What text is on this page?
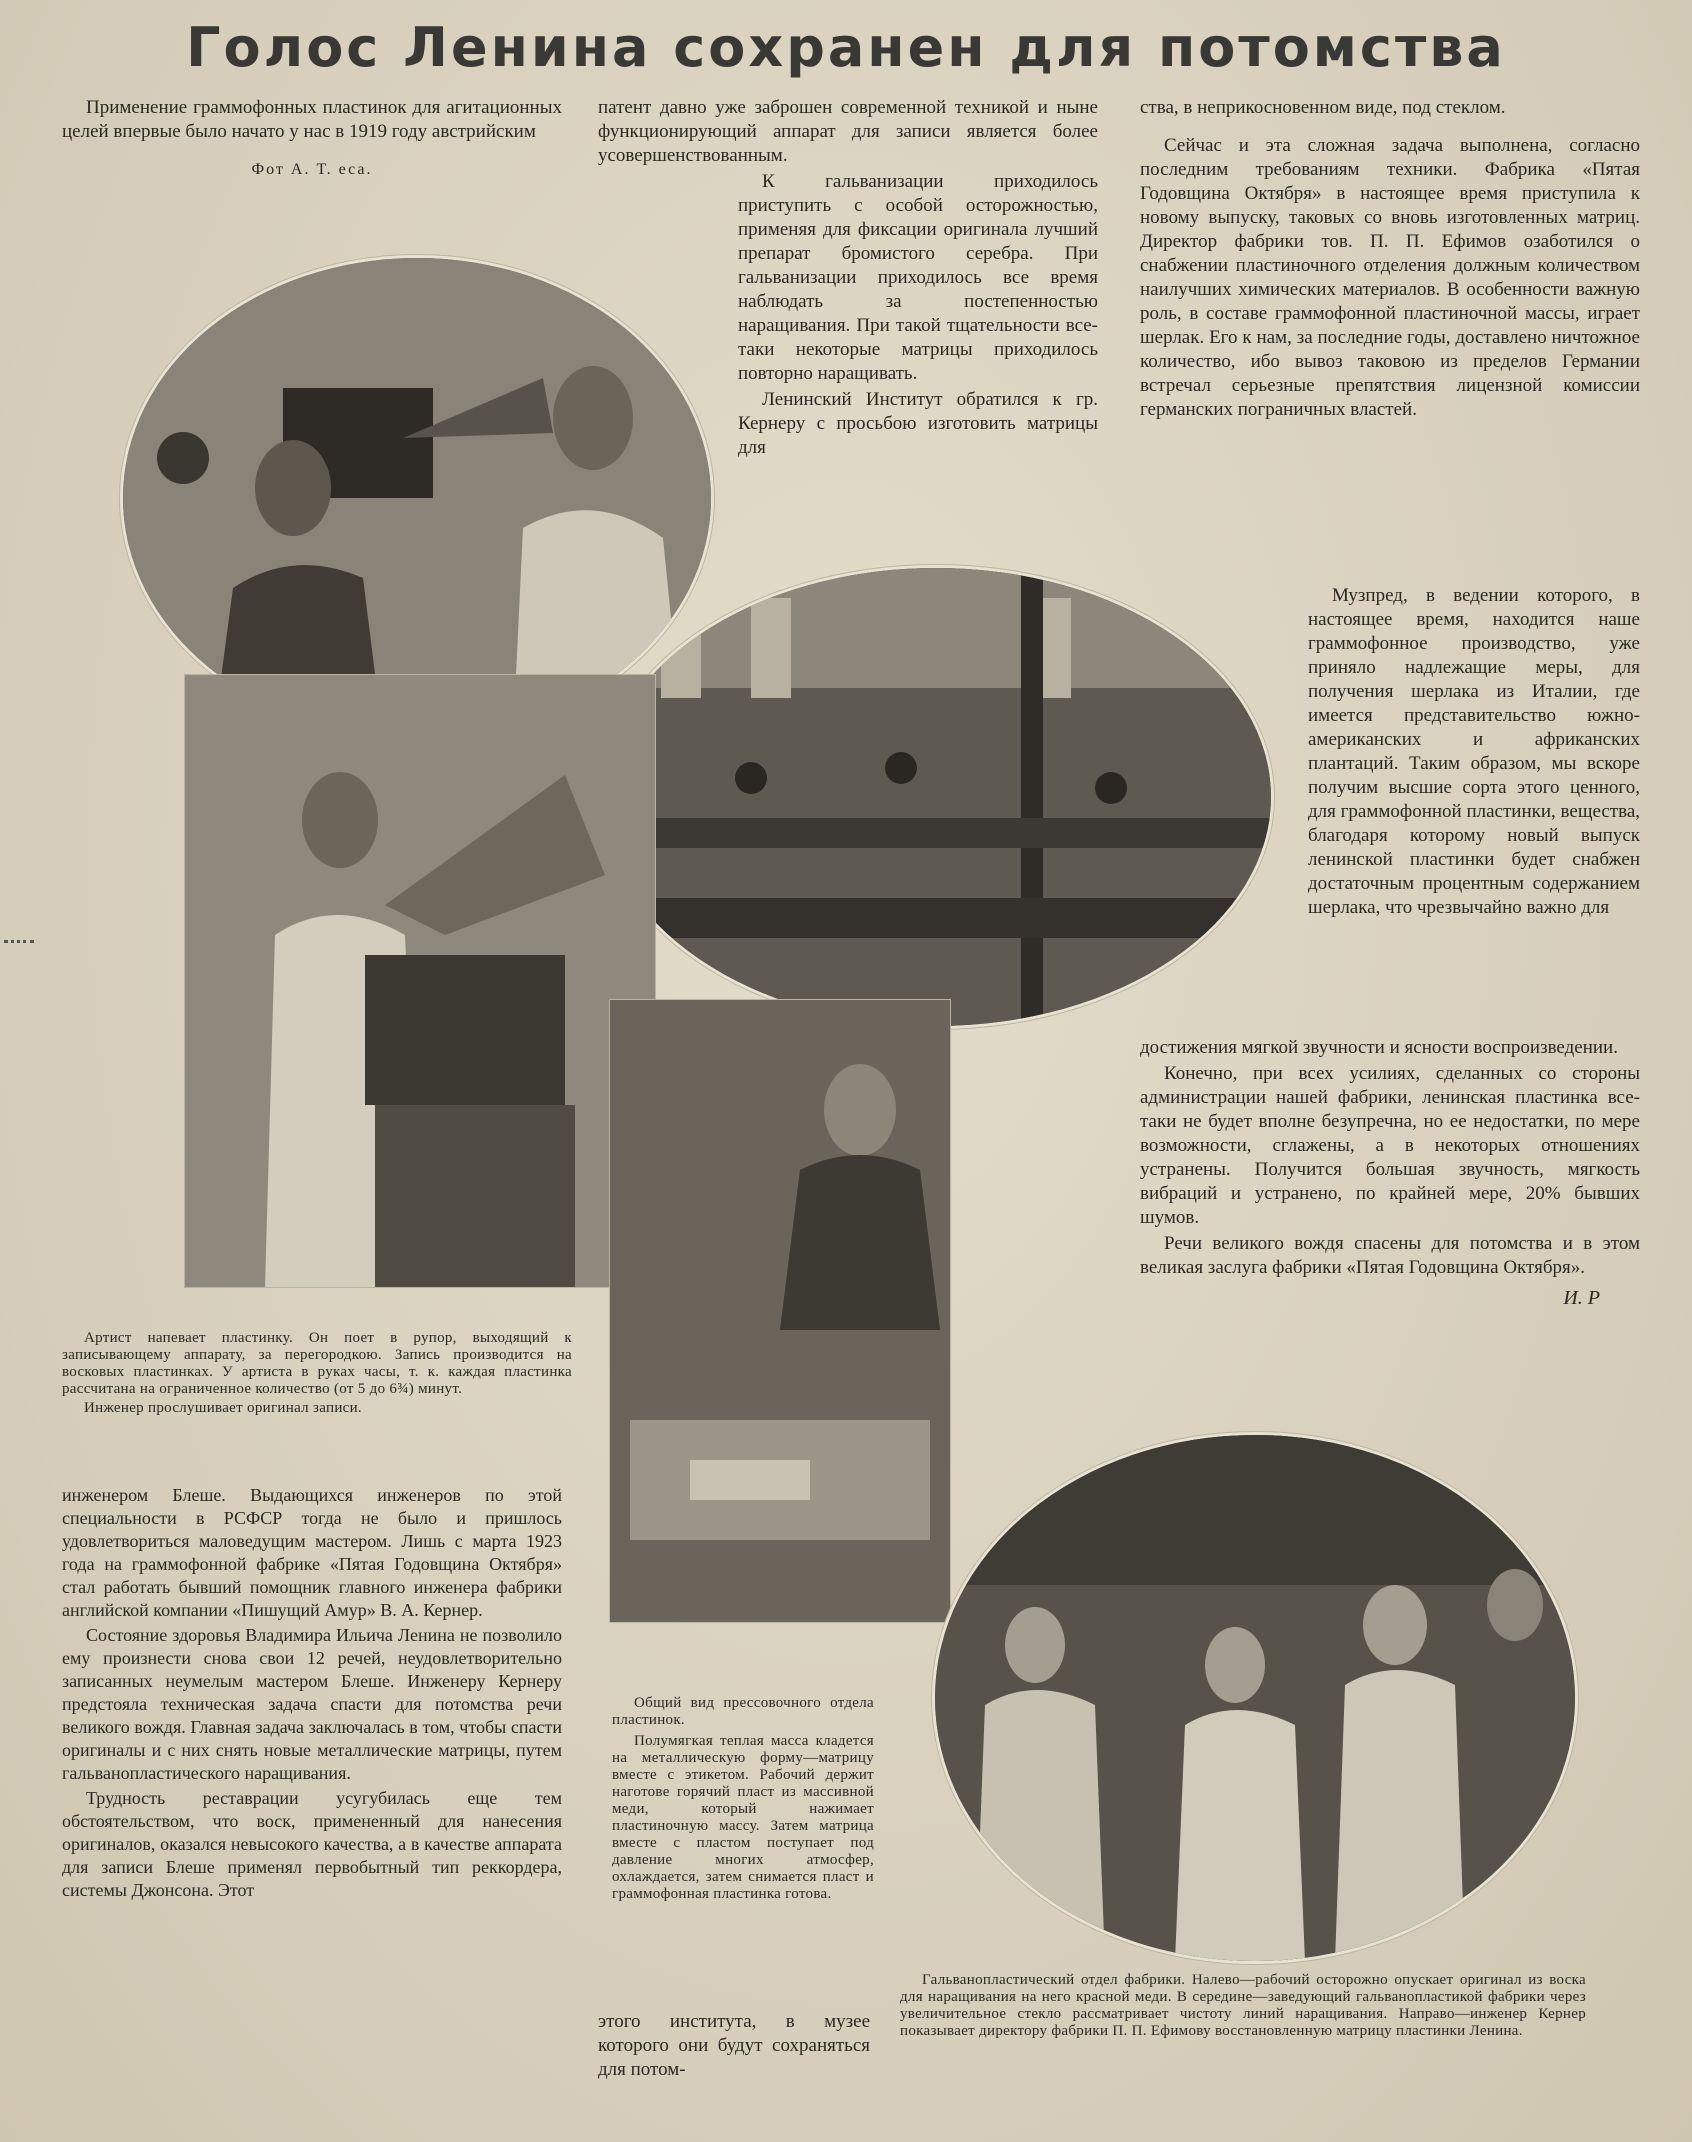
Голос Ленина сохранен для потомства

Применение граммофонных пластинок для агитационных целей впервые было начато у нас в 1919 году австрийским

Фот А. Т. еса.

патент давно уже заброшен современной техникой и ныне функционирующий аппарат для записи является более усовершенствованным.

К гальванизации приходилось приступить с особой осторожностью, применяя для фиксации оригинала лучший препарат бромистого серебра. При гальванизации приходилось все время наблюдать за постепенностью наращивания. При такой тщательности все-таки некоторые матрицы приходилось повторно наращивать.

Ленинский Институт обратился к гр. Кернеру с просьбою изготовить матрицы для

ства, в неприкосновенном виде, под стеклом.

Сейчас и эта сложная задача выполнена, согласно последним требованиям техники. Фабрика «Пятая Годовщина Октября» в настоящее время приступила к новому выпуску, таковых со вновь изготовленных матриц. Директор фабрики тов. П. П. Ефимов озаботился о снабжении пластиночного отделения должным количеством наилучших химических материалов. В особенности важную роль, в составе граммофонной пластиночной массы, играет шерлак. Его к нам, за последние годы, доставлено ничтожное количество, ибо вывоз таковою из пределов Германии встречал серьезные препятствия лицензной комиссии германских пограничных властей.

Музпред, в ведении которого, в настоящее время, находится наше граммофонное производство, уже приняло надлежащие меры, для получения шерлака из Италии, где имеется представительство южно-американских и африканских плантаций. Таким образом, мы вскоре получим высшие сорта этого ценного, для граммофонной пластинки, вещества, благодаря которому новый выпуск ленинской пластинки будет снабжен достаточным процентным содержанием шерлака, что чрезвычайно важно для

достижения мягкой звучности и ясности воспроизведении.

Конечно, при всех усилиях, сделанных со стороны администрации нашей фабрики, ленинская пластинка все-таки не будет вполне безупречна, но ее недостатки, по мере возможности, сглажены, а в некоторых отношениях устранены. Получится большая звучность, мягкость вибраций и устранено, по крайней мере, 20% бывших шумов.

Речи великого вождя спасены для потомства и в этом великая заслуга фабрики «Пятая Годовщина Октября».

И. Р

инженером Блеше. Выдающихся инженеров по этой специальности в РСФСР тогда не было и пришлось удовлетвориться маловедущим мастером. Лишь с марта 1923 года на граммофонной фабрике «Пятая Годовщина Октября» стал работать бывший помощник главного инженера фабрики английской компании «Пишущий Амур» В. А. Кернер.

Состояние здоровья Владимира Ильича Ленина не позволило ему произнести снова свои 12 речей, неудовлетворительно записанных неумелым мастером Блеше. Инженеру Кернеру предстояла техническая задача спасти для потомства речи великого вождя. Главная задача заключалась в том, чтобы спасти оригиналы и с них снять новые металлические матрицы, путем гальванопластического наращивания.

Трудность реставрации усугубилась еще тем обстоятельством, что воск, примененный для нанесения оригиналов, оказался невысокого качества, а в качестве аппарата для записи Блеше применял первобытный тип реккордера, системы Джонсона. Этот

этого института, в музее которого они будут сохраняться для потом-

Артист напевает пластинку. Он поет в рупор, выходящий к записывающему аппарату, за перегородкою. Запись производится на восковых пластинках. У артиста в руках часы, т. к. каждая пластинка рассчитана на ограниченное количество (от 5 до 6¾) минут.

Инженер прослушивает оригинал записи.

Общий вид прессовочного отдела пластинок.

Полумягкая теплая масса кладется на металлическую форму—матрицу вместе с этикетом. Рабочий держит наготове горячий пласт из массивной меди, который нажимает пластиночную массу. Затем матрица вместе с пластом поступает под давление многих атмосфер, охлаждается, затем снимается пласт и граммофонная пластинка готова.

Гальванопластический отдел фабрики. Налево—рабочий осторожно опускает оригинал из воска для наращивания на него красной меди. В середине—заведующий гальванопластикой фабрики через увеличительное стекло рассматривает чистоту линий наращивания. Направо—инженер Кернер показывает директору фабрики П. П. Ефимову восстановленную матрицу пластинки Ленина.
